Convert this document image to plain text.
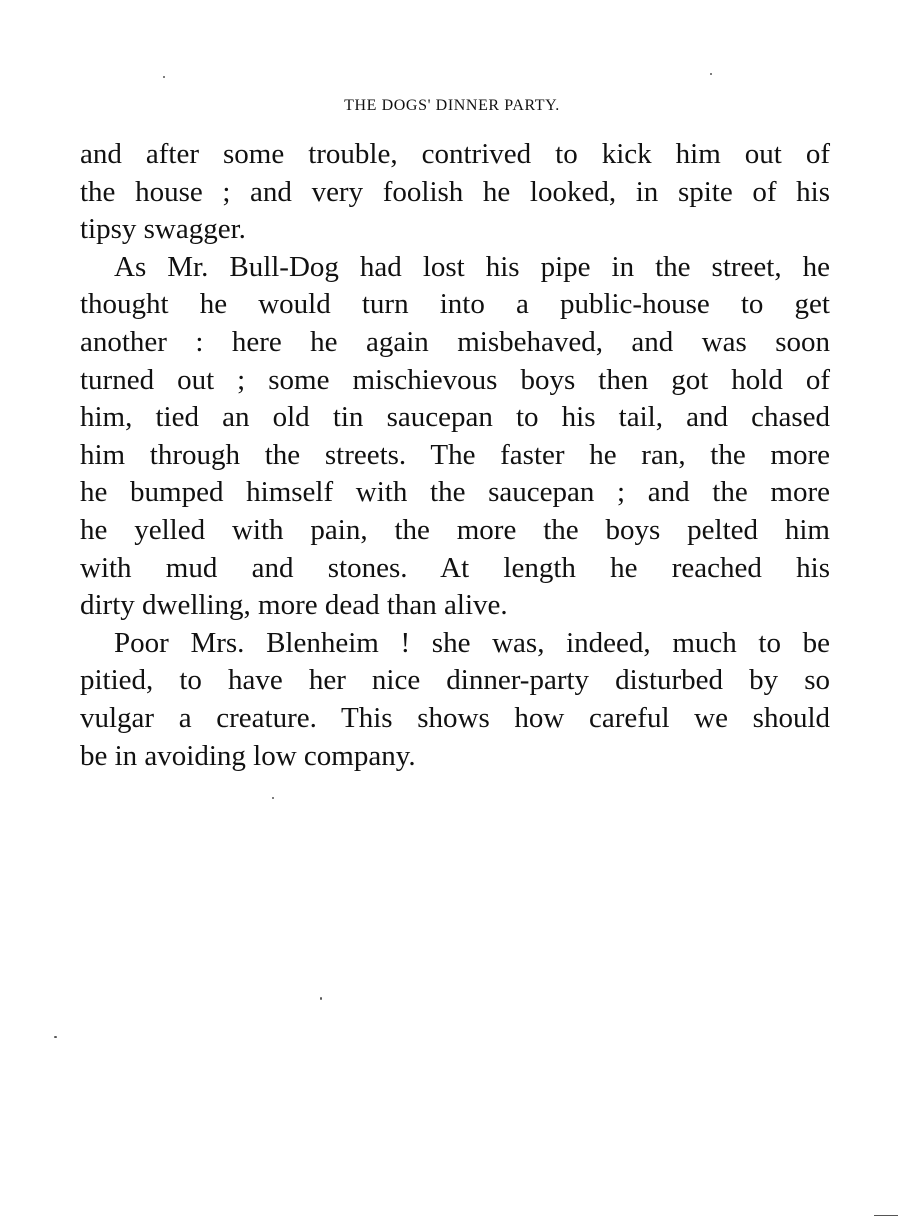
THE DOGS' DINNER PARTY.

and after some trouble, contrived to kick him out of
the house ; and very foolish he looked, in spite of his
tipsy swagger.

As Mr. Bull-Dog had lost his pipe in the street, he
thought he would turn into a public-house to get
another : here he again misbehaved, and was soon
turned out ; some mischievous boys then got hold of
him, tied an old tin saucepan to his tail, and chased
him through the streets. The faster he ran, the more
he bumped himself with the saucepan ; and the more
he yelled with pain, the more the boys pelted him
with mud and stones. At length he reached his
dirty dwelling, more dead than alive.

Poor Mrs. Blenheim ! she was, indeed, much to be
pitied, to have her nice dinner-party disturbed by so
vulgar a creature. This shows how careful we should
be in avoiding low company.
